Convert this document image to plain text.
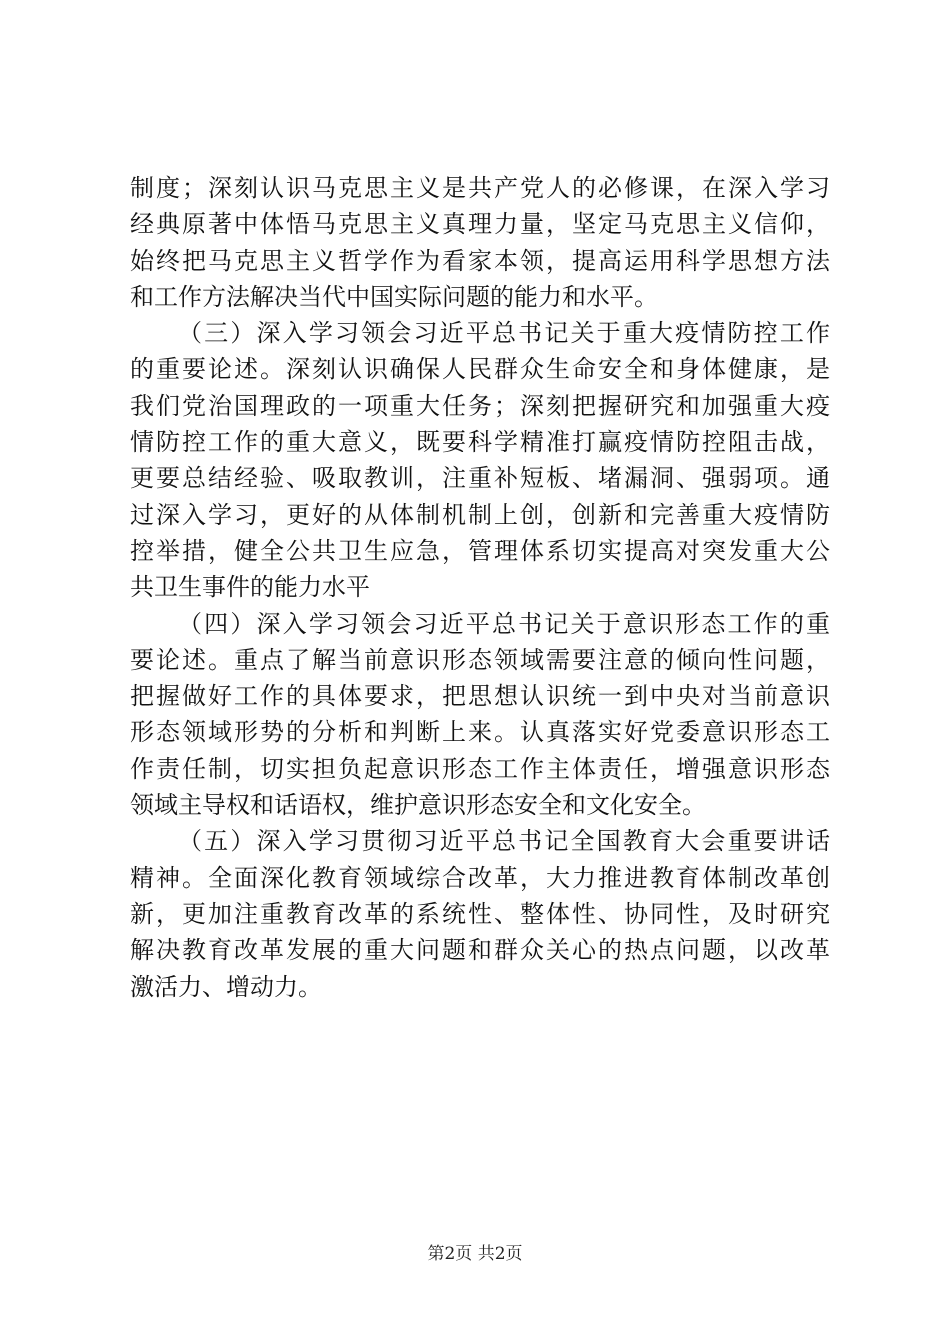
制度；深刻认识马克思主义是共产党人的必修课，在深入学习
经典原著中体悟马克思主义真理力量，坚定马克思主义信仰，
始终把马克思主义哲学作为看家本领，提高运用科学思想方法
和工作方法解决当代中国实际问题的能力和水平。
（三）深入学习领会习近平总书记关于重大疫情防控工作
的重要论述。深刻认识确保人民群众生命安全和身体健康，是
我们党治国理政的一项重大任务；深刻把握研究和加强重大疫
情防控工作的重大意义，既要科学精准打赢疫情防控阻击战，
更要总结经验、吸取教训，注重补短板、堵漏洞、强弱项。通
过深入学习，更好的从体制机制上创，创新和完善重大疫情防
控举措，健全公共卫生应急，管理体系切实提高对突发重大公
共卫生事件的能力水平
（四）深入学习领会习近平总书记关于意识形态工作的重
要论述。重点了解当前意识形态领域需要注意的倾向性问题，
把握做好工作的具体要求，把思想认识统一到中央对当前意识
形态领域形势的分析和判断上来。认真落实好党委意识形态工
作责任制，切实担负起意识形态工作主体责任，增强意识形态
领域主导权和话语权，维护意识形态安全和文化安全。
（五）深入学习贯彻习近平总书记全国教育大会重要讲话
精神。全面深化教育领域综合改革，大力推进教育体制改革创
新，更加注重教育改革的系统性、整体性、协同性，及时研究
解决教育改革发展的重大问题和群众关心的热点问题，以改革
激活力、增动力。
第2页 共2页
